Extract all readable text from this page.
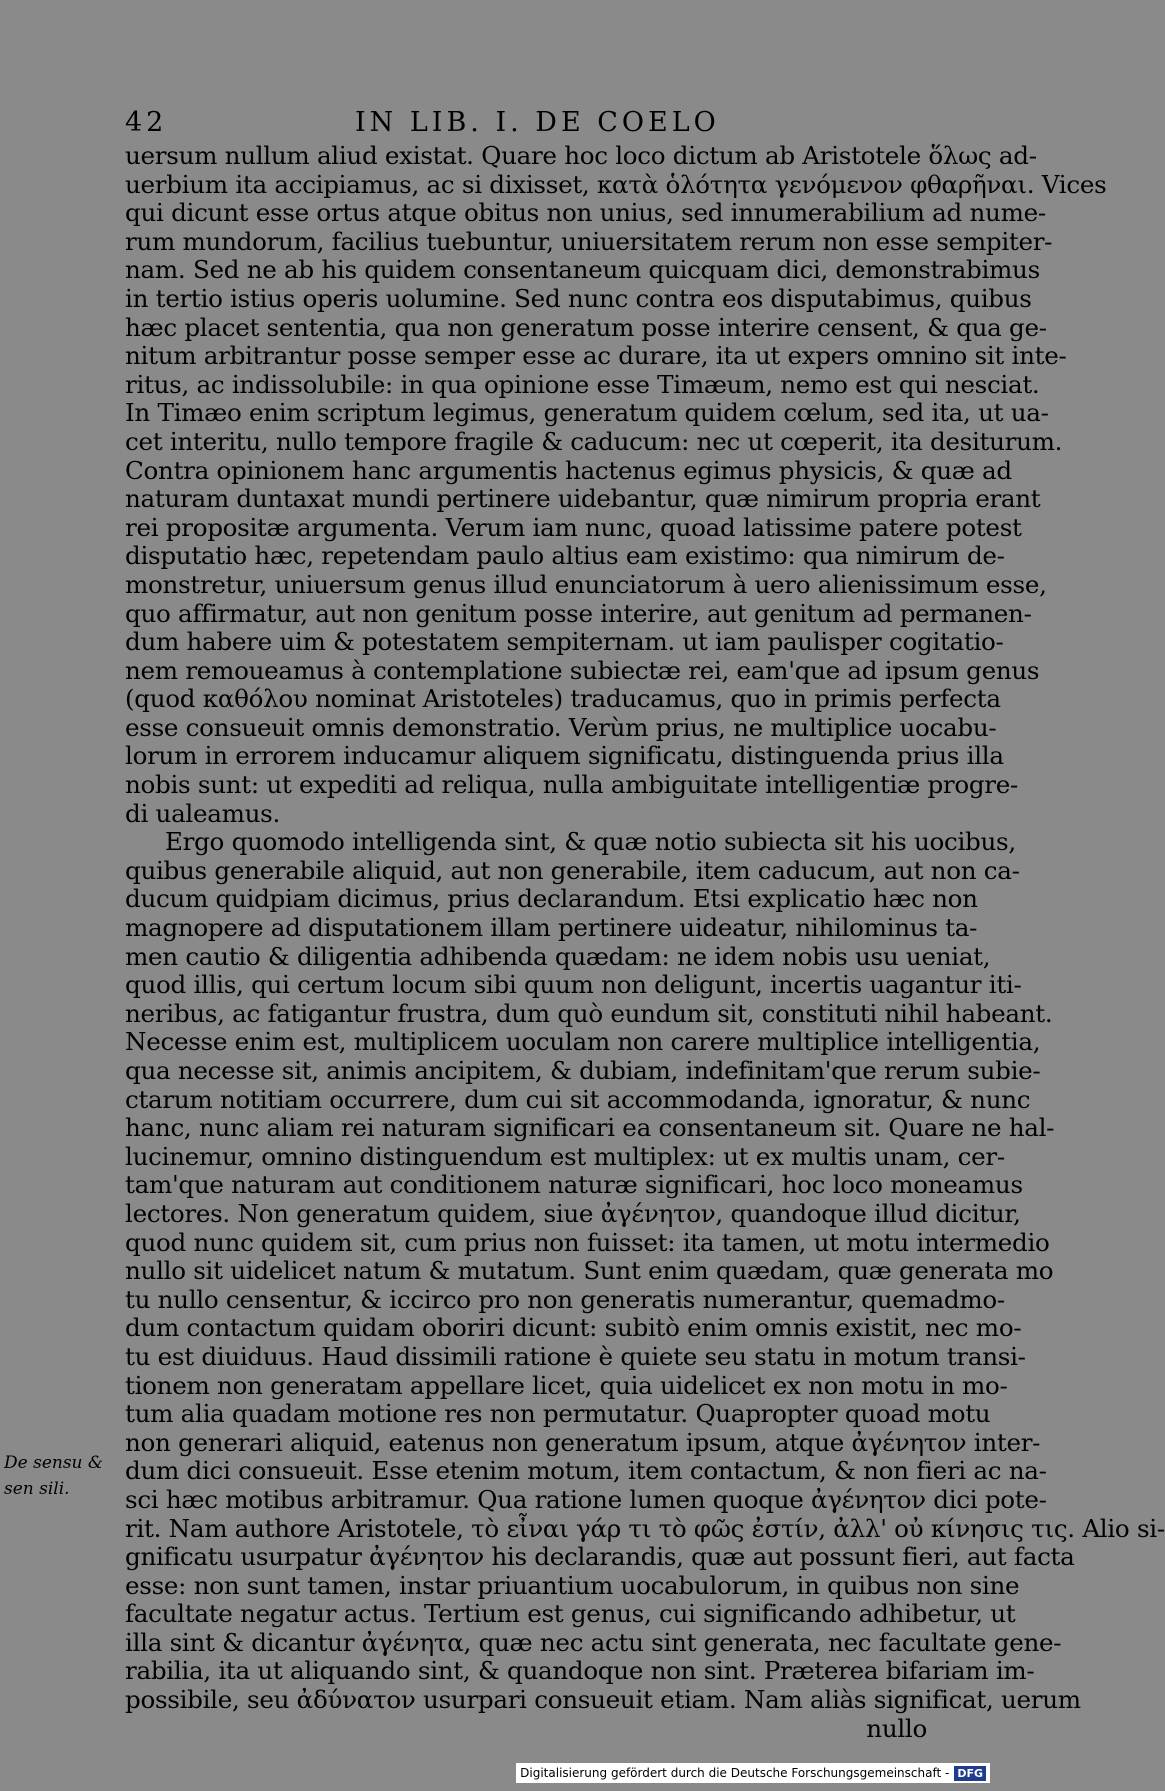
42	IN LIB. I. DE COELO
uersum nullum aliud existat. Quare hoc loco dictum ab Aristotele ὅλως ad-
uerbium ita accipiamus, ac si dixisset, κατὰ ὁλότητα γενόμενον φθαρῆναι. Vices
qui dicunt esse ortus atque obitus non unius, sed innumerabilium ad nume-
rum mundorum, facilius tuebuntur, uniuersitatem rerum non esse sempiter-
nam. Sed ne ab his quidem consentaneum quicquam dici, demonstrabimus
in tertio istius operis uolumine. Sed nunc contra eos disputabimus, quibus
hæc placet sententia, qua non generatum posse interire censent, & qua ge-
nitum arbitrantur posse semper esse ac durare, ita ut expers omnino sit inte-
ritus, ac indissolubile: in qua opinione esse Timæum, nemo est qui nesciat.
In Timæo enim scriptum legimus, generatum quidem cœlum, sed ita, ut ua-
cet interitu, nullo tempore fragile & caducum: nec ut cœperit, ita desiturum.
Contra opinionem hanc argumentis hactenus egimus physicis, & quæ ad
naturam duntaxat mundi pertinere uidebantur, quæ nimirum propria erant
rei propositæ argumenta. Verum iam nunc, quoad latissime patere potest
disputatio hæc, repetendam paulo altius eam existimo: qua nimirum de-
monstretur, uniuersum genus illud enunciatorum à uero alienissimum esse,
quo affirmatur, aut non genitum posse interire, aut genitum ad permanen-
dum habere uim & potestatem sempiternam. ut iam paulisper cogitatio-
nem remoueamus à contemplatione subiectæ rei, eam'que ad ipsum genus
(quod καθόλου nominat Aristoteles) traducamus, quo in primis perfecta
esse consueuit omnis demonstratio. Verùm prius, ne multiplice uocabu-
lorum in errorem inducamur aliquem significatu, distinguenda prius illa
nobis sunt: ut expediti ad reliqua, nulla ambiguitate intelligentiæ progre-
di ualeamus.
Ergo quomodo intelligenda sint, & quæ notio subiecta sit his uocibus,
quibus generabile aliquid, aut non generabile, item caducum, aut non ca-
ducum quidpiam dicimus, prius declarandum. Etsi explicatio hæc non
magnopere ad disputationem illam pertinere uideatur, nihilominus ta-
men cautio & diligentia adhibenda quædam: ne idem nobis usu ueniat,
quod illis, qui certum locum sibi quum non deligunt, incertis uagantur iti-
neribus, ac fatigantur frustra, dum quò eundum sit, constituti nihil habeant.
Necesse enim est, multiplicem uoculam non carere multiplice intelligentia,
qua necesse sit, animis ancipitem, & dubiam, indefinitam'que rerum subie-
ctarum notitiam occurrere, dum cui sit accommodanda, ignoratur, & nunc
hanc, nunc aliam rei naturam significari ea consentaneum sit. Quare ne hal-
lucinemur, omnino distinguendum est multiplex: ut ex multis unam, cer-
tam'que naturam aut conditionem naturæ significari, hoc loco moneamus
lectores. Non generatum quidem, siue ἀγένητον, quandoque illud dicitur,
quod nunc quidem sit, cum prius non fuisset: ita tamen, ut motu intermedio
nullo sit uidelicet natum & mutatum. Sunt enim quædam, quæ generata mo
tu nullo censentur, & iccirco pro non generatis numerantur, quemadmo-
dum contactum quidam oboriri dicunt: subitò enim omnis existit, nec mo-
tu est diuiduus. Haud dissimili ratione è quiete seu statu in motum transi-
tionem non generatam appellare licet, quia uidelicet ex non motu in mo-
tum alia quadam motione res non permutatur. Quapropter quoad motu
non generari aliquid, eatenus non generatum ipsum, atque ἀγένητον inter-
dum dici consueuit. Esse etenim motum, item contactum, & non fieri ac na-
sci hæc motibus arbitramur. Qua ratione lumen quoque ἀγένητον dici pote-
rit. Nam authore Aristotele, τὸ εἶναι γάρ τι τὸ φῶς ἐστίν, ἀλλ' οὐ κίνησις τις. Alio si-
gnificatu usurpatur ἀγένητον his declarandis, quæ aut possunt fieri, aut facta
esse: non sunt tamen, instar priuantium uocabulorum, in quibus non sine
facultate negatur actus. Tertium est genus, cui significando adhibetur, ut
illa sint & dicantur ἀγένητα, quæ nec actu sint generata, nec facultate gene-
rabilia, ita ut aliquando sint, & quandoque non sint. Præterea bifariam im-
possibile, seu ἀδύνατον usurpari consueuit etiam. Nam aliàs significat, uerum
nullo
De sensu & sen sili.
Digitalisierung gefördert durch die Deutsche Forschungsgemeinschaft - DFG
